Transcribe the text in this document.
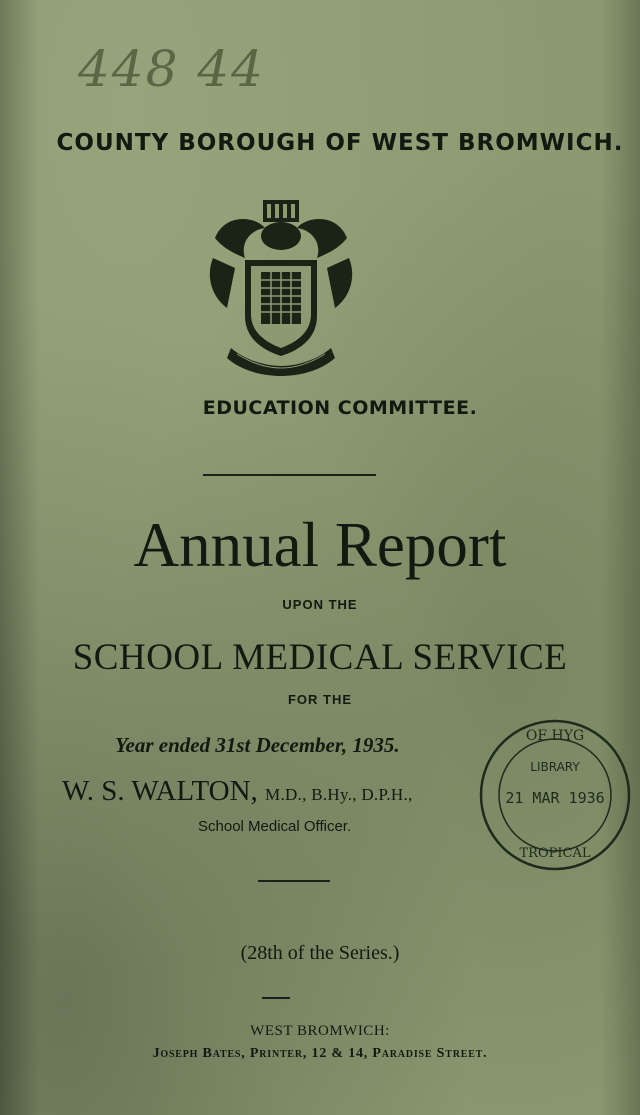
448 44
COUNTY BOROUGH OF WEST BROMWICH.
EDUCATION COMMITTEE.
Annual Report
UPON THE
SCHOOL MEDICAL SERVICE
FOR THE
Year ended 31st December, 1935.
W. S. WALTON, M.D., B.Hy., D.P.H.,
School Medical Officer.
OF HYG
LIBRARY
21 MAR 1936
TROPICAL
(28th of the Series.)
WEST BROMWICH:
Joseph Bates, Printer, 12 & 14, Paradise Street.
